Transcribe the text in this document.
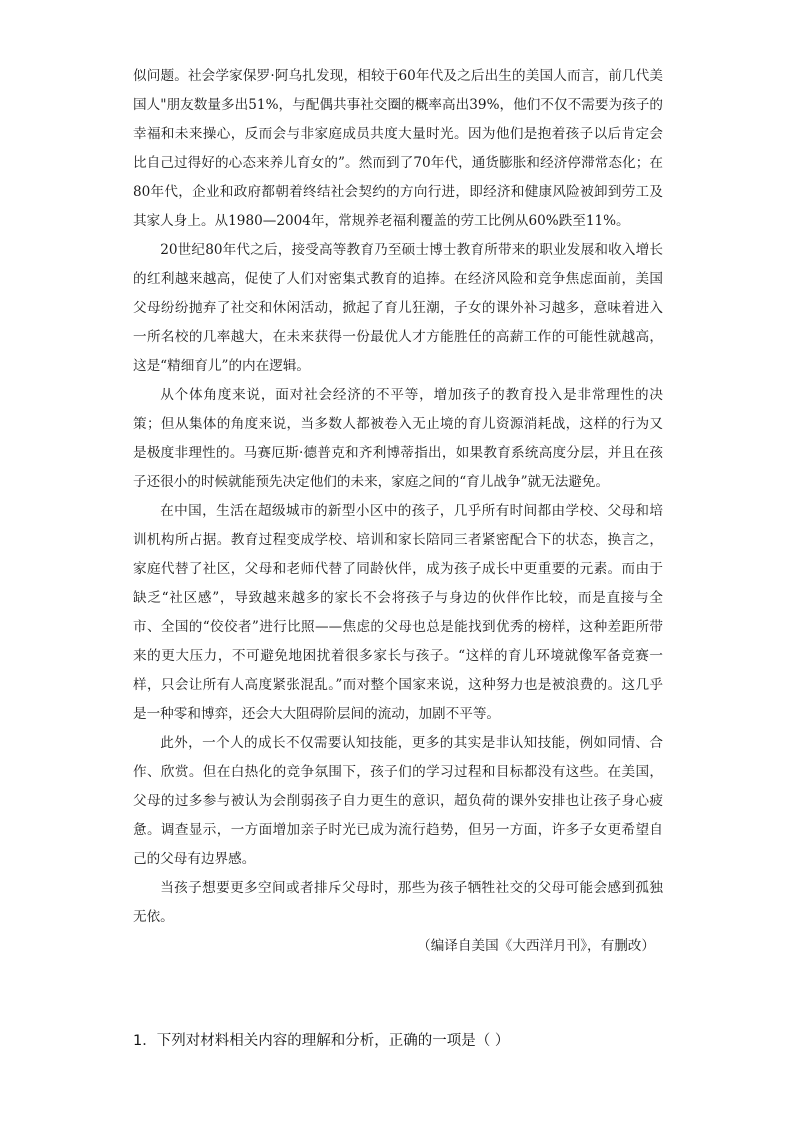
似问题。社会学家保罗·阿乌扎发现，相较于60年代及之后出生的美国人而言，前几代美国人"朋友数量多出51%，与配偶共事社交圈的概率高出39%，他们不仅不需要为孩子的幸福和未来操心，反而会与非家庭成员共度大量时光。因为他们是抱着孩子以后肯定会比自己过得好的心态来养儿育女的”。然而到了70年代，通货膨胀和经济停滞常态化；在80年代，企业和政府都朝着终结社会契约的方向行进，即经济和健康风险被卸到劳工及其家人身上。从1980—2004年，常规养老福利覆盖的劳工比例从60%跌至11%。

20世纪80年代之后，接受高等教育乃至硕士博士教育所带来的职业发展和收入增长的红利越来越高，促使了人们对密集式教育的追捧。在经济风险和竞争焦虑面前，美国父母纷纷抛弃了社交和休闲活动，掀起了育儿狂潮，子女的课外补习越多，意味着进入一所名校的几率越大，在未来获得一份最优人才方能胜任的高薪工作的可能性就越高，这是“精细育儿”的内在逻辑。

从个体角度来说，面对社会经济的不平等，增加孩子的教育投入是非常理性的决策；但从集体的角度来说，当多数人都被卷入无止境的育儿资源消耗战，这样的行为又是极度非理性的。马赛厄斯·德普克和齐利博蒂指出，如果教育系统高度分层，并且在孩子还很小的时候就能预先决定他们的未来，家庭之间的“育儿战争”就无法避免。

在中国，生活在超级城市的新型小区中的孩子，几乎所有时间都由学校、父母和培训机构所占据。教育过程变成学校、培训和家长陪同三者紧密配合下的状态，换言之，家庭代替了社区，父母和老师代替了同龄伙伴，成为孩子成长中更重要的元素。而由于缺乏“社区感”，导致越来越多的家长不会将孩子与身边的伙伴作比较，而是直接与全市、全国的“佼佼者”进行比照——焦虑的父母也总是能找到优秀的榜样，这种差距所带来的更大压力，不可避免地困扰着很多家长与孩子。“这样的育儿环境就像军备竞赛一样，只会让所有人高度紧张混乱。”而对整个国家来说，这种努力也是被浪费的。这几乎是一种零和博弈，还会大大阻碍阶层间的流动，加剧不平等。

此外，一个人的成长不仅需要认知技能，更多的其实是非认知技能，例如同情、合作、欣赏。但在白热化的竞争氛围下，孩子们的学习过程和目标都没有这些。在美国，父母的过多参与被认为会削弱孩子自力更生的意识，超负荷的课外安排也让孩子身心疲惫。调查显示，一方面增加亲子时光已成为流行趋势，但另一方面，许多子女更希望自己的父母有边界感。

当孩子想要更多空间或者排斥父母时，那些为孩子牺牲社交的父母可能会感到孤独无依。

（编译自美国《大西洋月刊》，有删改）

1．下列对材料相关内容的理解和分析，正确的一项是（ ）
